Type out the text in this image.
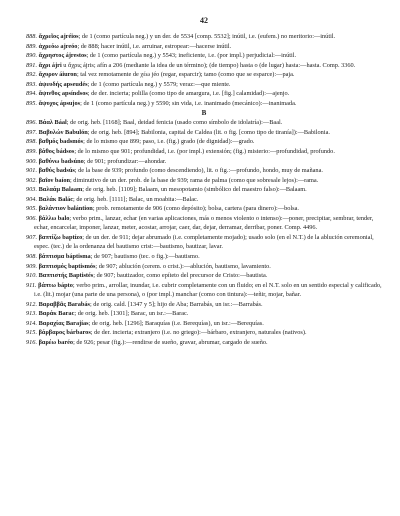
42

888. ἄχρεῖος ajréios; de 1 (como partícula neg.) y un der. de 5534 [comp. 5532]; inútil, i.e. (eufem.) no meritorio:—inútil.

889. ἀχρεόω ajreóo; de 888; hacer inútil, i.e. arruinar, estropear:—hacerse inútil.

890. ἄχρηστος ájrestos; de 1 (como partícula neg.) y 5543; ineficiente, i.e. (por impl.) perjudicial:—inútil.

891. ἄχρι ájri u ἄχρις ájris; afín a 206 (mediante la idea de un término); (de tiempo) hasta o (de lugar) hasta:—hasta. Comp. 3360.

892. ἄχυρον áiuron; tal vez remotamente de χέω jéo (regar, esparcir); tamo (como que se esparce):—paja.

893. ἀψευδής apseudés; de 1 (como partícula neg.) y 5579; veraz:—que miente.

894. ἄψινθος apsíndsos; de der. incierta; polilla (como tipo de amargura, i.e. [fig.] calamidad):—ajenjo.

895. ἄψυχος ápsujos; de 1 (como partícula neg.) y 5590; sin vida, i.e. inanimado (mecánico):—inanimada.

B

896. Βάαλ Báal; de orig. heb. [1168]; Baal, deidad fenicia (usado como símbolo de idolatría):—Baal.

897. Βαβυλών Babulón; de orig. heb. [894]; Babilonia, capital de Caldea (lit. o fig. [como tipo de tiranía]):—Babilonia.

898. βαθμός badsmós; de lo mismo que 899; paso, i.e. (fig.) grado (de dignidad):—grado.

899. βάθος bádsos; de lo mismo que 901; profundidad, i.e. (por impl.) extensión; (fig.) misterio:—profundidad, profundo.

900. βαθύνω badsúno; de 901; profundizar:—ahondar.

901. βαθύς badsús; de la base de 939; profundo (como descendiendo), lit. o fig.:—profundo, hondo, muy de mañana.

902. βαΐον baíon; diminutivo de un der. prob. de la base de 939; rama de palma (como que sobresale lejos):—rama.

903. Βαλαάμ Balaam; de orig. heb. [1109]; Balaam, un mesopotamio (simbólico del maestro falso):—Balaam.

904. Βαλάκ Balác; de orig. heb. [1111]; Balac, un moabita:—Balac.

905. βαλάντιον balántion; prob. remotamente de 906 (como depósito); bolsa, cartera (para dinero):—bolsa.

906. βάλλω balo; verbo prim., lanzar, echar (en varias aplicaciones, más o menos violento o intenso):—poner, precipitar, sembrar, tender, echar, encarcelar, imponer, lanzar, meter, acostar, arrojar, caer, dar, dejar, derramar, derribar, poner. Comp. 4496.

907. βαπτίζω baptízo; de un der. de 911; dejar abrumado (i.e. completamente mojado); usado solo (en el N.T.) de la ablución ceremonial, espec. (tec.) de la ordenanza del bautismo crist:—bautismo, bautizar, lavar.

908. βάπτισμα báptisma; de 907; bautismo (tec. o fig.):—bautismo.

909. βαπτισμός baptismós; de 907; ablución (cerem. o crist.):—ablución, bautismo, lavamiento.

910. Βαπτιστής Baptistés; de 907; bautizador, como epíteto del precursor de Cristo:—bautista.

911. βάπτω bápto; verbo prim., arrollar, inundar, i.e. cubrir completamente con un fluido; en el N.T. solo en un sentido especial y calificado, i.e. (lit.) mojar (una parte de una persona), o (por impl.) manchar (como con tintura):—teñir, mojar, bañar.

912. Βαραββᾶς Barabás; de orig. cald. [1347 y 5]; hijo de Aba; Barrabás, un isr.:—Barrabás.

913. Βαράκ Barac; de orig. heb. [1301]; Barac, un isr.:—Barac.

914. Βαραχίας Barajías; de orig. heb. [1296]; Baraquías (i.e. Berequías), un isr.:—Berequías.

915. βάρβαρος bárbaros; de der. incierta; extranjero (i.e. no griego):—bárbaro, extranjero, naturales (nativos).

916. βαρέω baréo; de 926; pesar (fig.):—rendirse de sueño, gravar, abrumar, cargado de sueño.
